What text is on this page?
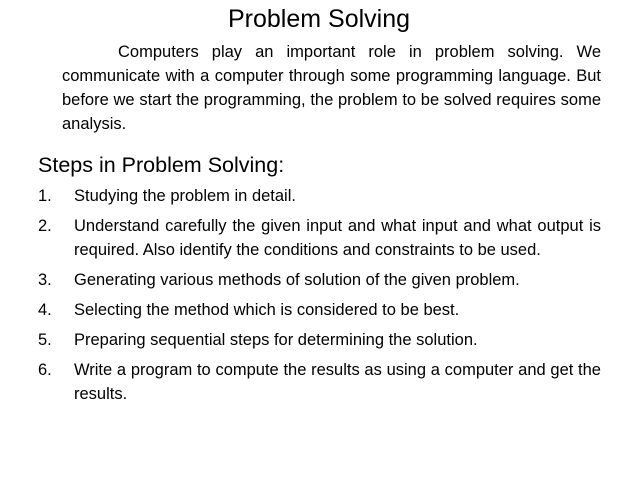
Problem Solving
Computers play an important role in problem solving. We communicate with a computer through some programming language. But before we start the programming, the problem to be solved requires some analysis.
Steps in Problem Solving:
1. Studying the problem in detail.
2. Understand carefully the given input and what input and what output is required. Also identify the conditions and constraints to be used.
3. Generating various methods of solution of the given problem.
4. Selecting the method which is considered to be best.
5. Preparing sequential steps for determining the solution.
6. Write a program to compute the results as using a computer and get the results.
